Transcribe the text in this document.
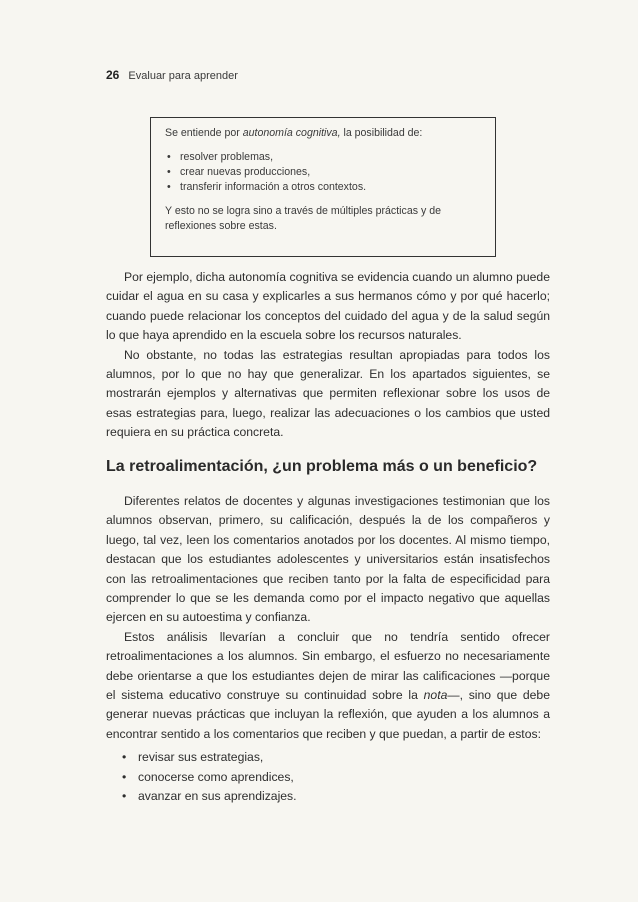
26 Evaluar para aprender

Se entiende por autonomía cognitiva, la posibilidad de:

• resolver problemas,
• crear nuevas producciones,
• transferir información a otros contextos.

Y esto no se logra sino a través de múltiples prácticas y de reflexiones sobre estas.

Por ejemplo, dicha autonomía cognitiva se evidencia cuando un alumno puede cuidar el agua en su casa y explicarles a sus hermanos cómo y por qué hacerlo; cuando puede relacionar los conceptos del cuidado del agua y de la salud según lo que haya aprendido en la escuela sobre los recursos naturales.

No obstante, no todas las estrategias resultan apropiadas para todos los alumnos, por lo que no hay que generalizar. En los apartados siguientes, se mostrarán ejemplos y alternativas que permiten reflexionar sobre los usos de esas estrategias para, luego, realizar las adecuaciones o los cambios que usted requiera en su práctica concreta.

La retroalimentación, ¿un problema más o un beneficio?

Diferentes relatos de docentes y algunas investigaciones testimonian que los alumnos observan, primero, su calificación, después la de los compañeros y luego, tal vez, leen los comentarios anotados por los docentes. Al mismo tiempo, destacan que los estudiantes adolescentes y universitarios están insatisfechos con las retroalimentaciones que reciben tanto por la falta de especificidad para comprender lo que se les demanda como por el impacto negativo que aquellas ejercen en su autoestima y confianza.

Estos análisis llevarían a concluir que no tendría sentido ofrecer retroalimentaciones a los alumnos. Sin embargo, el esfuerzo no necesariamente debe orientarse a que los estudiantes dejen de mirar las calificaciones —porque el sistema educativo construye su continuidad sobre la nota—, sino que debe generar nuevas prácticas que incluyan la reflexión, que ayuden a los alumnos a encontrar sentido a los comentarios que reciben y que puedan, a partir de estos:

• revisar sus estrategias,
• conocerse como aprendices,
• avanzar en sus aprendizajes.
